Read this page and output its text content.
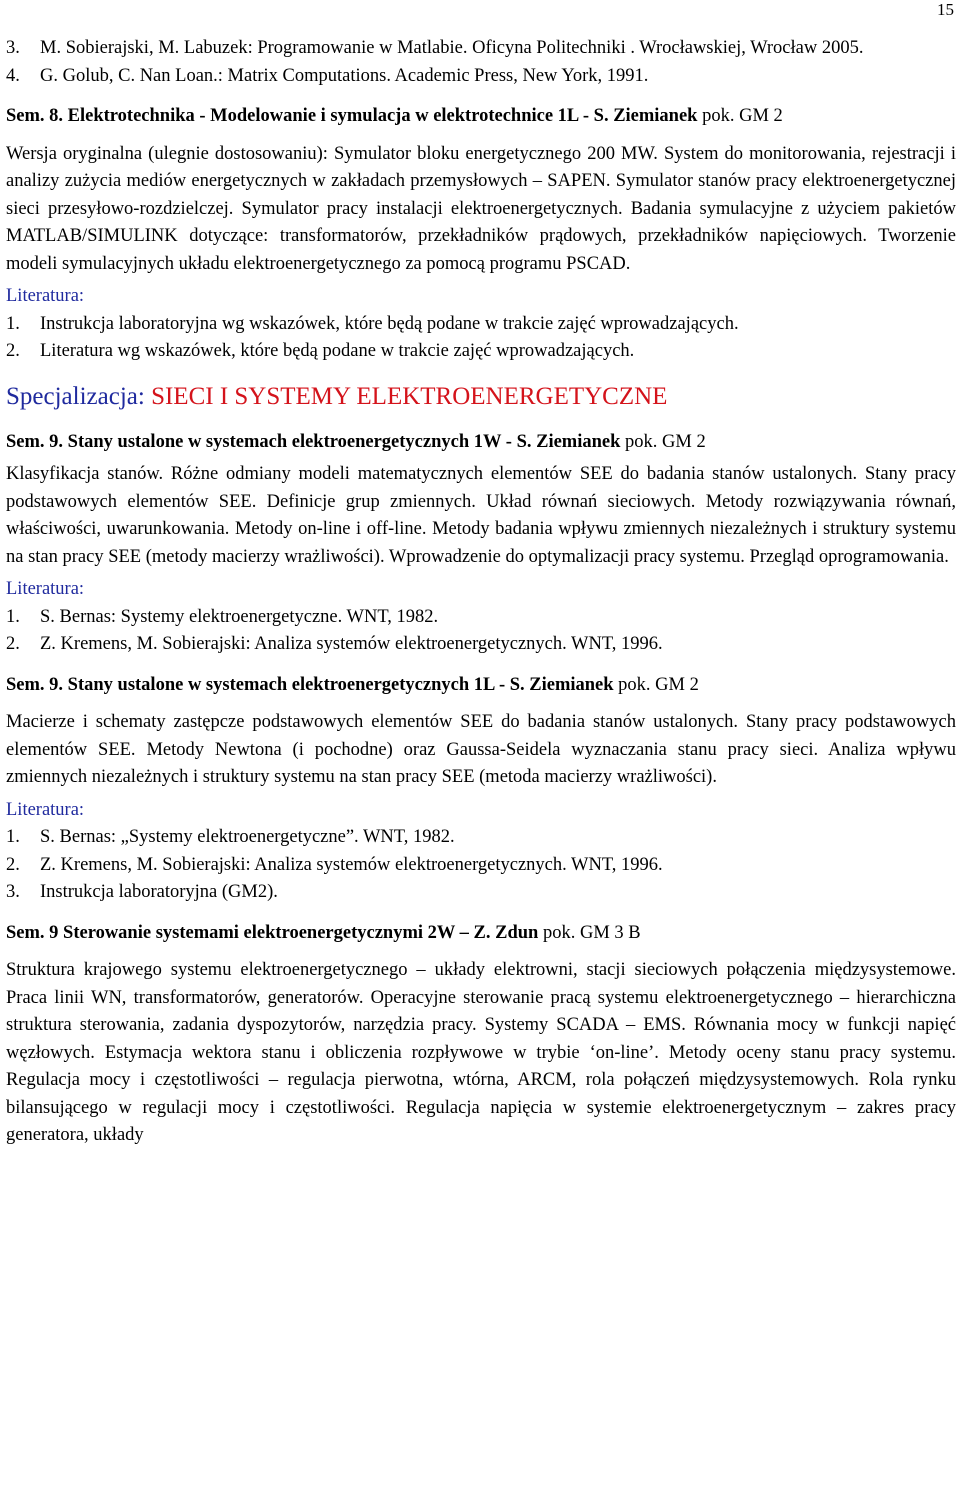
15
3.	M. Sobierajski, M. Labuzek: Programowanie w Matlabie. Oficyna Politechniki . Wrocławskiej, Wrocław 2005.
4.	G. Golub, C. Nan Loan.: Matrix Computations. Academic Press, New York, 1991.
Sem. 8. Elektrotechnika - Modelowanie i symulacja w elektrotechnice 1L - S. Ziemianek pok. GM 2

Wersja oryginalna (ulegnie dostosowaniu): Symulator bloku energetycznego 200 MW. System do monitorowania, rejestracji i analizy zużycia mediów energetycznych w zakładach przemysłowych – SAPEN. Symulator stanów pracy elektroenergetycznej sieci przesyłowo-rozdzielczej. Symulator pracy instalacji elektroenergetycznych. Badania symulacyjne z użyciem pakietów MATLAB/SIMULINK dotyczące: transformatorów, przekładników prądowych, przekładników napięciowych. Tworzenie modeli symulacyjnych układu elektroenergetycznego za pomocą programu PSCAD.

Literatura:
1.	Instrukcja laboratoryjna wg wskazówek, które będą podane w trakcie zajęć wprowadzających.
2.	Literatura wg wskazówek, które będą podane w trakcie zajęć wprowadzających.
Specjalizacja: SIECI I SYSTEMY ELEKTROENERGETYCZNE
Sem. 9. Stany ustalone w systemach elektroenergetycznych 1W - S. Ziemianek pok. GM 2

Klasyfikacja stanów. Różne odmiany modeli matematycznych elementów SEE do badania stanów ustalonych. Stany pracy podstawowych elementów SEE. Definicje grup zmiennych. Układ równań sieciowych. Metody rozwiązywania równań, właściwości, uwarunkowania. Metody on-line i off-line. Metody badania wpływu zmiennych niezależnych i struktury systemu na stan pracy SEE (metody macierzy wrażliwości). Wprowadzenie do optymalizacji pracy systemu. Przegląd oprogramowania.

Literatura:
1.	S. Bernas: Systemy elektroenergetyczne. WNT, 1982.
2.	Z. Kremens, M. Sobierajski: Analiza systemów elektroenergetycznych. WNT, 1996.
Sem. 9. Stany ustalone w systemach elektroenergetycznych 1L - S. Ziemianek pok. GM 2

Macierze i schematy zastępcze podstawowych elementów SEE do badania stanów ustalonych. Stany pracy podstawowych elementów SEE. Metody Newtona (i pochodne) oraz Gaussa-Seidela wyznaczania stanu pracy sieci. Analiza wpływu zmiennych niezależnych i struktury systemu na stan pracy SEE (metoda macierzy wrażliwości).

Literatura:
1.	S. Bernas: „Systemy elektroenergetyczne”. WNT, 1982.
2.	Z. Kremens, M. Sobierajski: Analiza systemów elektroenergetycznych. WNT, 1996.
3.	Instrukcja laboratoryjna (GM2).
Sem. 9 Sterowanie systemami elektroenergetycznymi 2W – Z. Zdun pok. GM 3 B

Struktura krajowego systemu elektroenergetycznego – układy elektrowni, stacji sieciowych połączenia międzysystemowe. Praca linii WN, transformatorów, generatorów. Operacyjne sterowanie pracą systemu elektroenergetycznego – hierarchiczna struktura sterowania, zadania dyspozytorów, narzędzia pracy. Systemy SCADA – EMS. Równania mocy w funkcji napięć węzłowych. Estymacja wektora stanu i obliczenia rozpływowe w trybie ‘on-line’. Metody oceny stanu pracy systemu. Regulacja mocy i częstotliwości – regulacja pierwotna, wtórna, ARCM, rola połączeń międzysystemowych. Rola rynku bilansującego w regulacji mocy i częstotliwości. Regulacja napięcia w systemie elektroenergetycznym – zakres pracy generatora, układy
